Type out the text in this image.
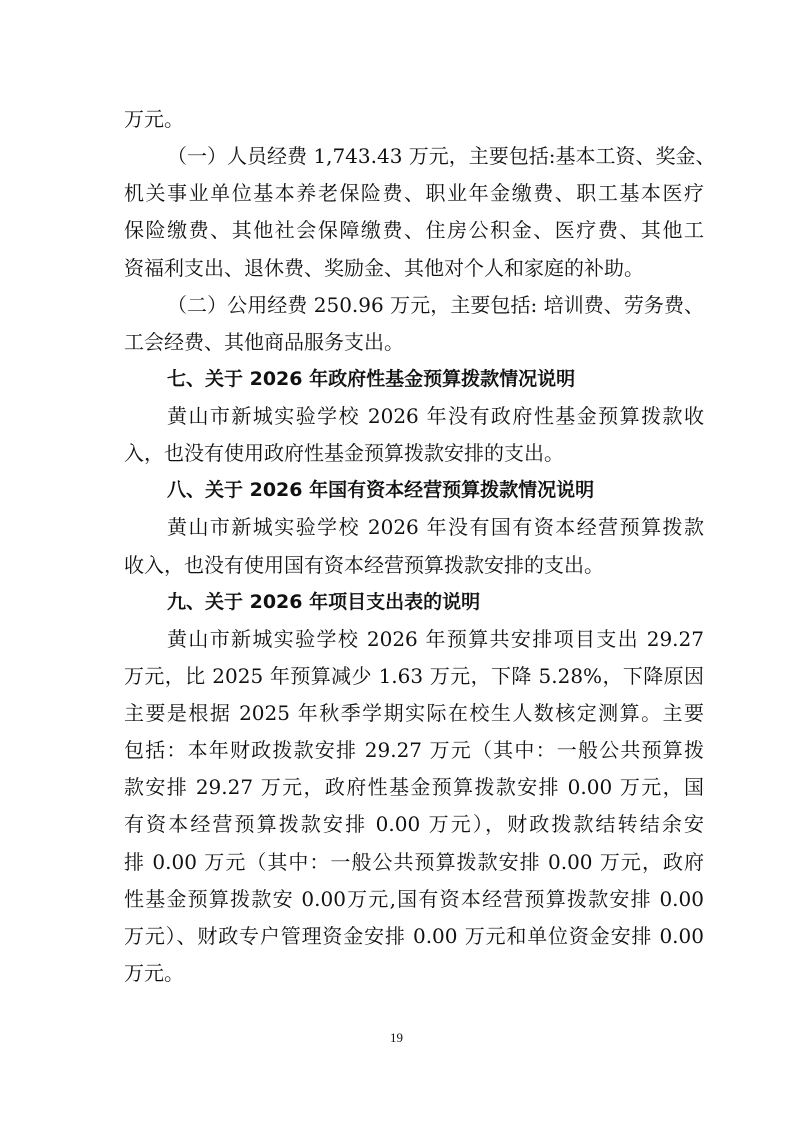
万元。
（一）人员经费 1,743.43 万元，主要包括:基本工资、奖金、
机关事业单位基本养老保险费、职业年金缴费、职工基本医疗
保险缴费、其他社会保障缴费、住房公积金、医疗费、其他工
资福利支出、退休费、奖励金、其他对个人和家庭的补助。
（二）公用经费 250.96 万元，主要包括: 培训费、劳务费、
工会经费、其他商品服务支出。
七、关于 2026 年政府性基金预算拨款情况说明
黄山市新城实验学校 2026 年没有政府性基金预算拨款收
入，也没有使用政府性基金预算拨款安排的支出。
八、关于 2026 年国有资本经营预算拨款情况说明
黄山市新城实验学校 2026 年没有国有资本经营预算拨款
收入，也没有使用国有资本经营预算拨款安排的支出。
九、关于 2026 年项目支出表的说明
黄山市新城实验学校 2026 年预算共安排项目支出 29.27
万元，比 2025 年预算减少 1.63 万元，下降 5.28%，下降原因
主要是根据 2025 年秋季学期实际在校生人数核定测算。主要
包括：本年财政拨款安排 29.27 万元（其中：一般公共预算拨
款安排 29.27 万元，政府性基金预算拨款安排 0.00 万元，国
有资本经营预算拨款安排 0.00 万元），财政拨款结转结余安
排 0.00 万元（其中：一般公共预算拨款安排 0.00 万元，政府
性基金预算拨款安 0.00万元,国有资本经营预算拨款安排 0.00
万元）、财政专户管理资金安排 0.00 万元和单位资金安排 0.00
万元。
19
